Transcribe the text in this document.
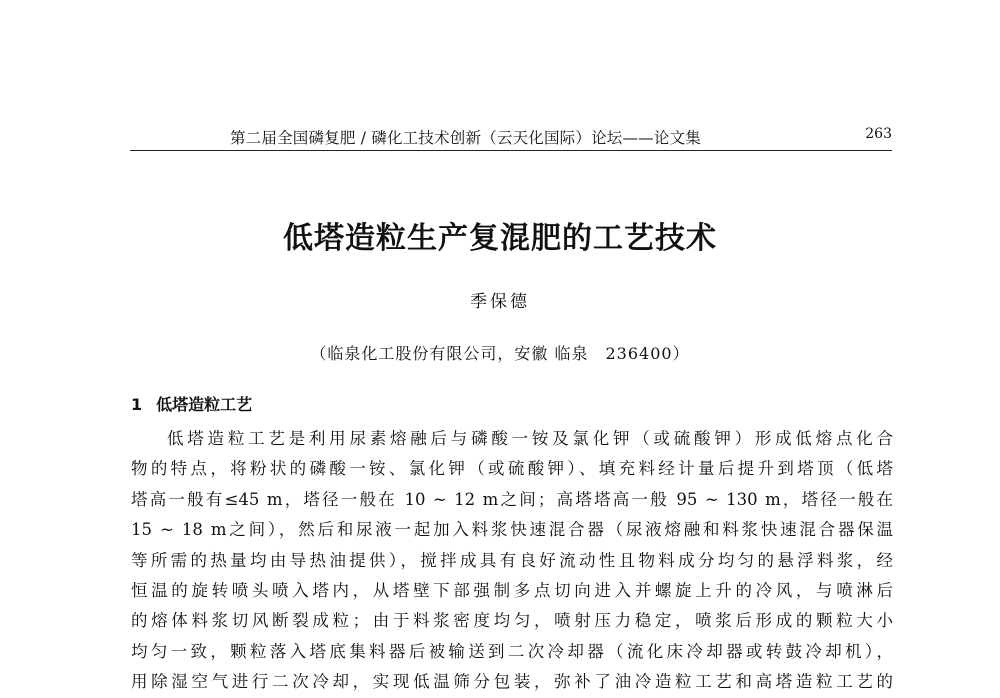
第二届全国磷复肥 / 磷化工技术创新（云天化国际）论坛——论文集	263
低塔造粒生产复混肥的工艺技术
季保德
（临泉化工股份有限公司，安徽 临泉　236400）
1 低塔造粒工艺
低塔造粒工艺是利用尿素熔融后与磷酸一铵及氯化钾（或硫酸钾）形成低熔点化合
物的特点，将粉状的磷酸一铵、氯化钾（或硫酸钾）、填充料经计量后提升到塔顶（低塔
塔高一般有≤45 m，塔径一般在 10 ~ 12 m之间；高塔塔高一般 95 ~ 130 m，塔径一般在
15 ~ 18 m之间），然后和尿液一起加入料浆快速混合器（尿液熔融和料浆快速混合器保温
等所需的热量均由导热油提供），搅拌成具有良好流动性且物料成分均匀的悬浮料浆，经
恒温的旋转喷头喷入塔内，从塔壁下部强制多点切向进入并螺旋上升的冷风，与喷淋后
的熔体料浆切风断裂成粒；由于料浆密度均匀，喷射压力稳定，喷浆后形成的颗粒大小
均匀一致，颗粒落入塔底集料器后被输送到二次冷却器（流化床冷却器或转鼓冷却机），
用除湿空气进行二次冷却，实现低温筛分包装，弥补了油冷造粒工艺和高塔造粒工艺的
